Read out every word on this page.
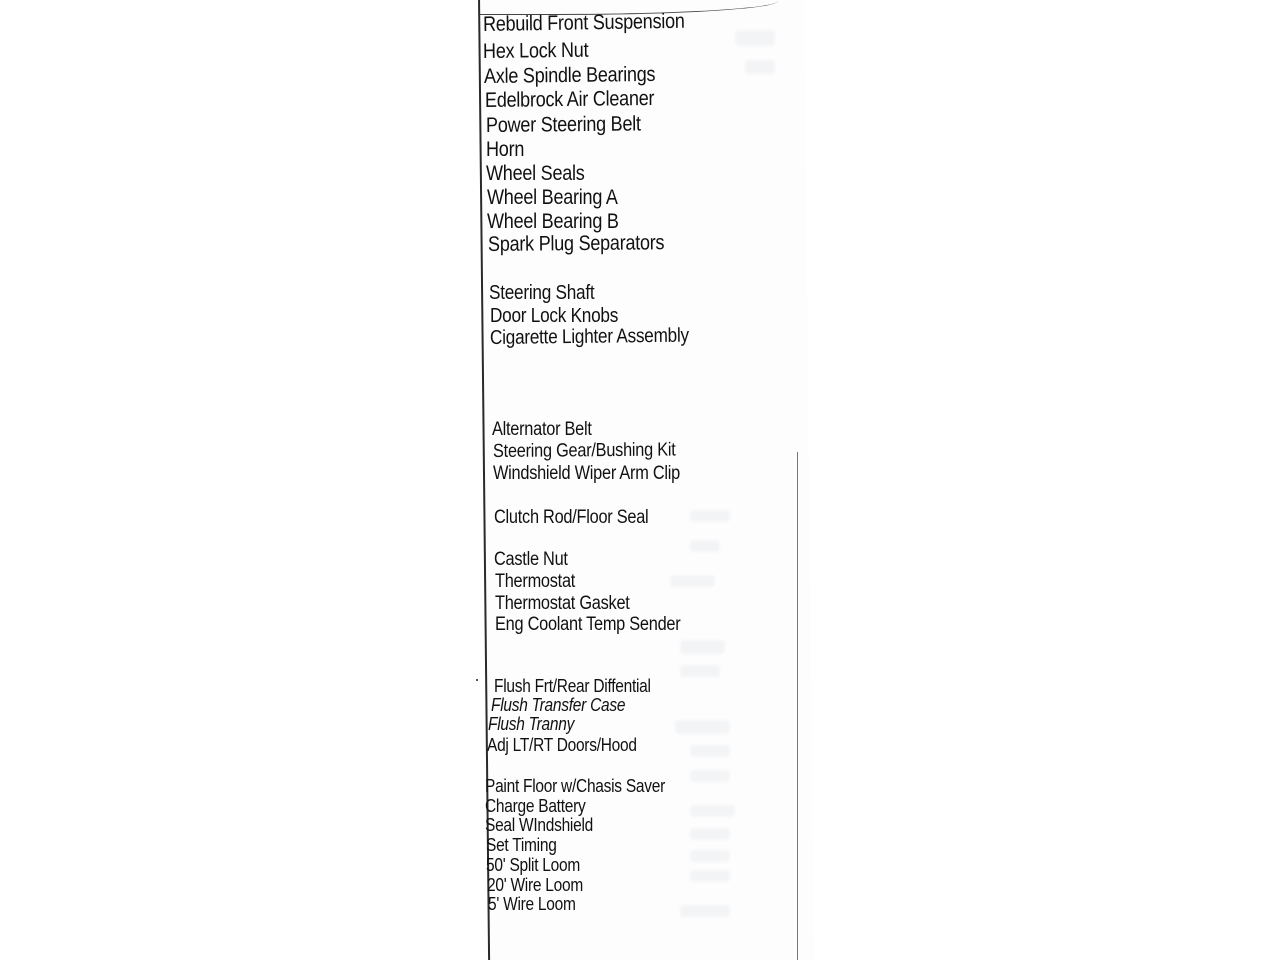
Rebuild Front Suspension
Hex Lock Nut
Axle Spindle Bearings
Edelbrock Air Cleaner
Power Steering Belt
Horn
Wheel Seals
Wheel Bearing A
Wheel Bearing B
Spark Plug Separators
Steering Shaft
Door Lock Knobs
Cigarette Lighter Assembly
Alternator Belt
Steering Gear/Bushing Kit
Windshield Wiper Arm Clip
Clutch Rod/Floor Seal
Castle Nut
Thermostat
Thermostat Gasket
Eng Coolant Temp Sender
Flush Frt/Rear Diffential
Flush Transfer Case
Flush Tranny
Adj LT/RT Doors/Hood
Paint Floor w/Chasis Saver
Charge Battery
Seal WIndshield
Set Timing
50' Split Loom
20' Wire Loom
5' Wire Loom
